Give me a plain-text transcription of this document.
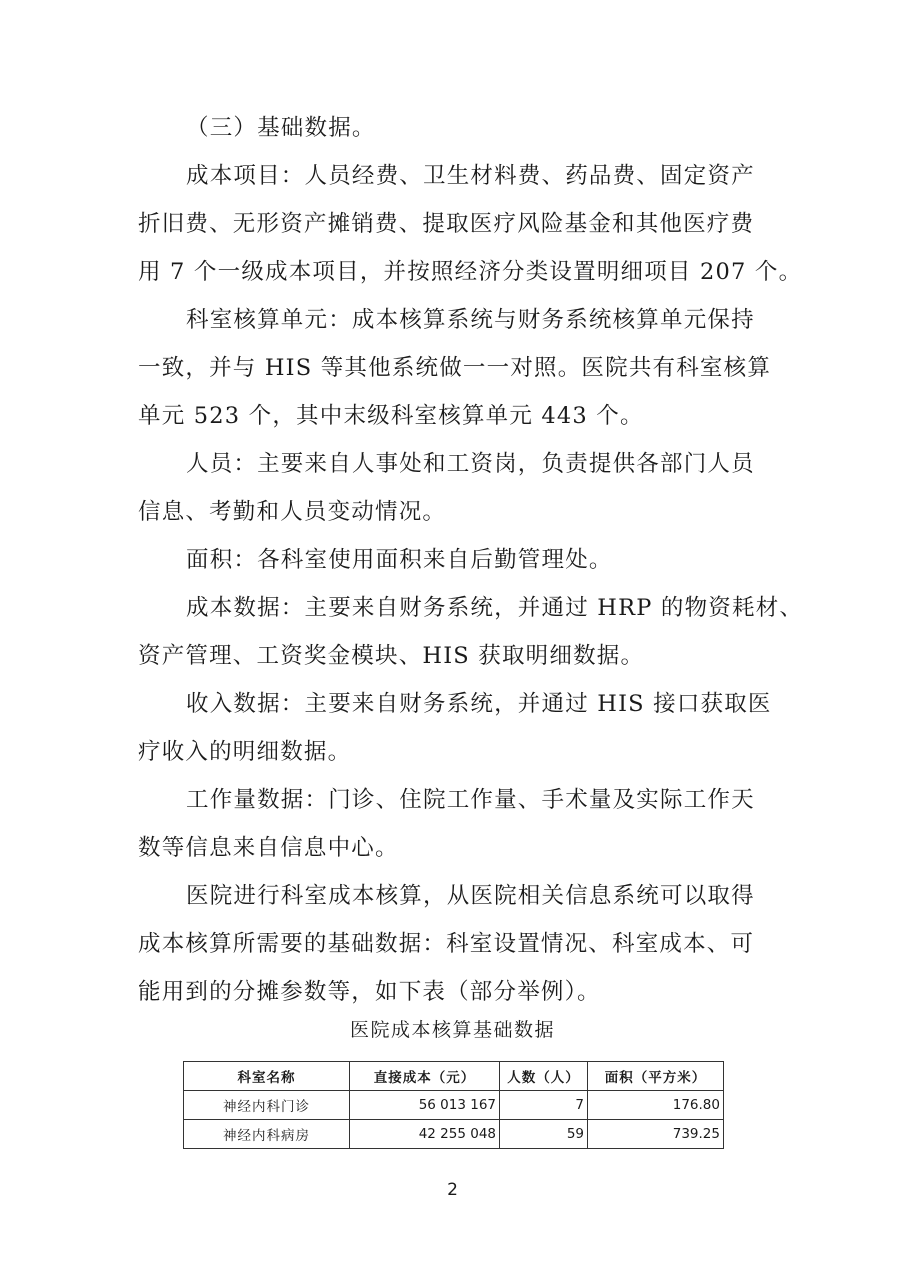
（三）基础数据。
成本项目：人员经费、卫生材料费、药品费、固定资产
折旧费、无形资产摊销费、提取医疗风险基金和其他医疗费
用 7 个一级成本项目，并按照经济分类设置明细项目 207 个。
科室核算单元：成本核算系统与财务系统核算单元保持
一致，并与 HIS 等其他系统做一一对照。医院共有科室核算
单元 523 个，其中末级科室核算单元 443 个。
人员：主要来自人事处和工资岗，负责提供各部门人员
信息、考勤和人员变动情况。
面积：各科室使用面积来自后勤管理处。
成本数据：主要来自财务系统，并通过 HRP 的物资耗材、
资产管理、工资奖金模块、HIS 获取明细数据。
收入数据：主要来自财务系统，并通过 HIS 接口获取医
疗收入的明细数据。
工作量数据：门诊、住院工作量、手术量及实际工作天
数等信息来自信息中心。
医院进行科室成本核算，从医院相关信息系统可以取得
成本核算所需要的基础数据：科室设置情况、科室成本、可
能用到的分摊参数等，如下表（部分举例）。
医院成本核算基础数据
科室名称	直接成本（元）	人数（人）	面积（平方米）
神经内科门诊	56 013 167	7	176.80
神经内科病房	42 255 048	59	739.25
2
